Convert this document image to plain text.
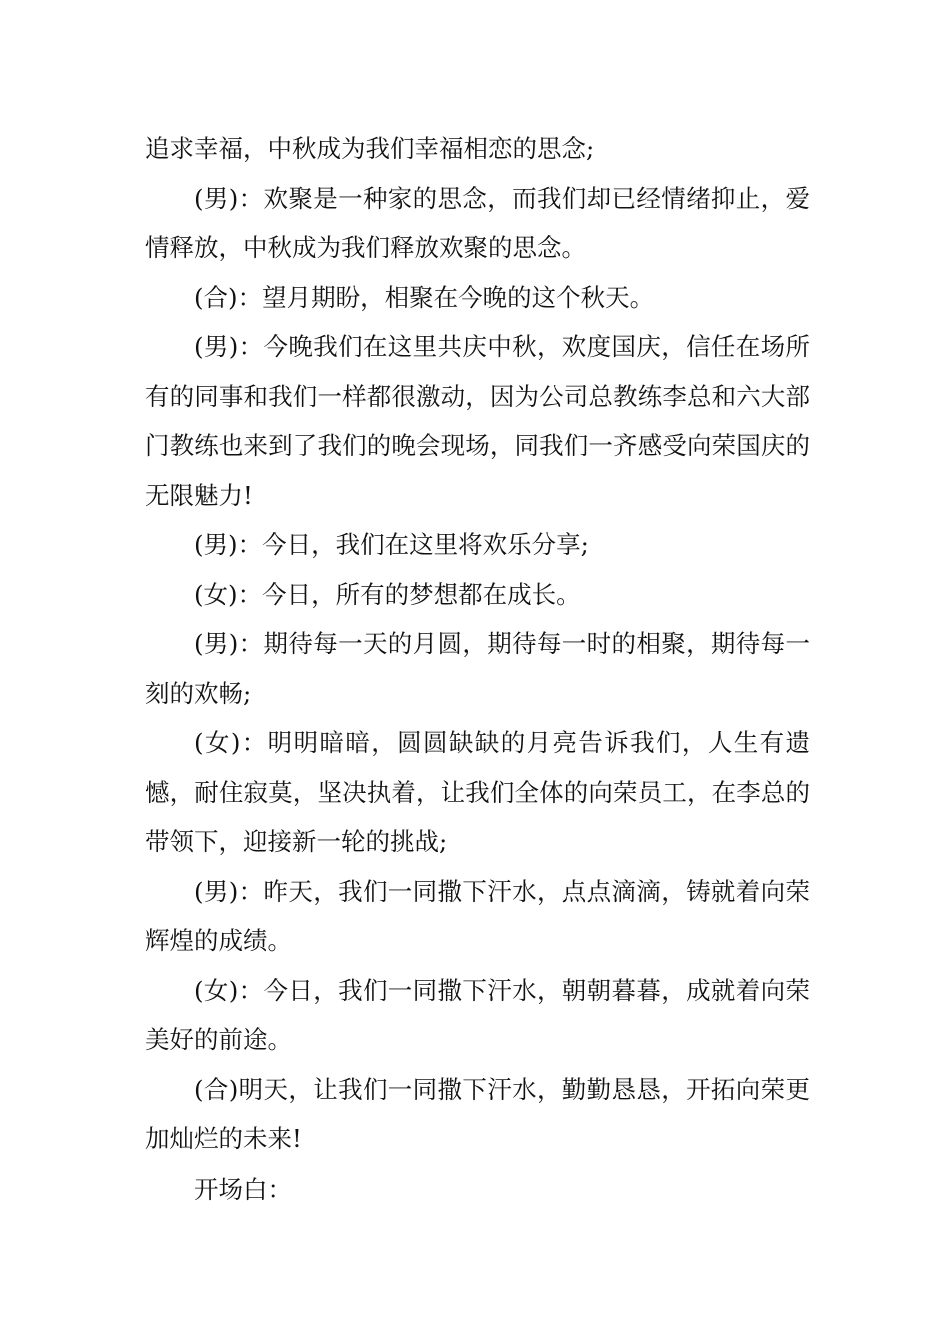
追求幸福，中秋成为我们幸福相恋的思念;

(男)：欢聚是一种家的思念，而我们却已经情绪抑止，爱情释放，中秋成为我们释放欢聚的思念。

(合)：望月期盼，相聚在今晚的这个秋天。

(男)：今晚我们在这里共庆中秋，欢度国庆，信任在场所有的同事和我们一样都很激动，因为公司总教练李总和六大部门教练也来到了我们的晚会现场，同我们一齐感受向荣国庆的无限魅力!

(男)：今日，我们在这里将欢乐分享;

(女)：今日，所有的梦想都在成长。

(男)：期待每一天的月圆，期待每一时的相聚，期待每一刻的欢畅;

(女)：明明暗暗，圆圆缺缺的月亮告诉我们，人生有遗憾，耐住寂莫，坚决执着，让我们全体的向荣员工，在李总的带领下，迎接新一轮的挑战;

(男)：昨天，我们一同撒下汗水，点点滴滴，铸就着向荣辉煌的成绩。

(女)：今日，我们一同撒下汗水，朝朝暮暮，成就着向荣美好的前途。

(合)明天，让我们一同撒下汗水，勤勤恳恳，开拓向荣更加灿烂的未来!

开场白：
